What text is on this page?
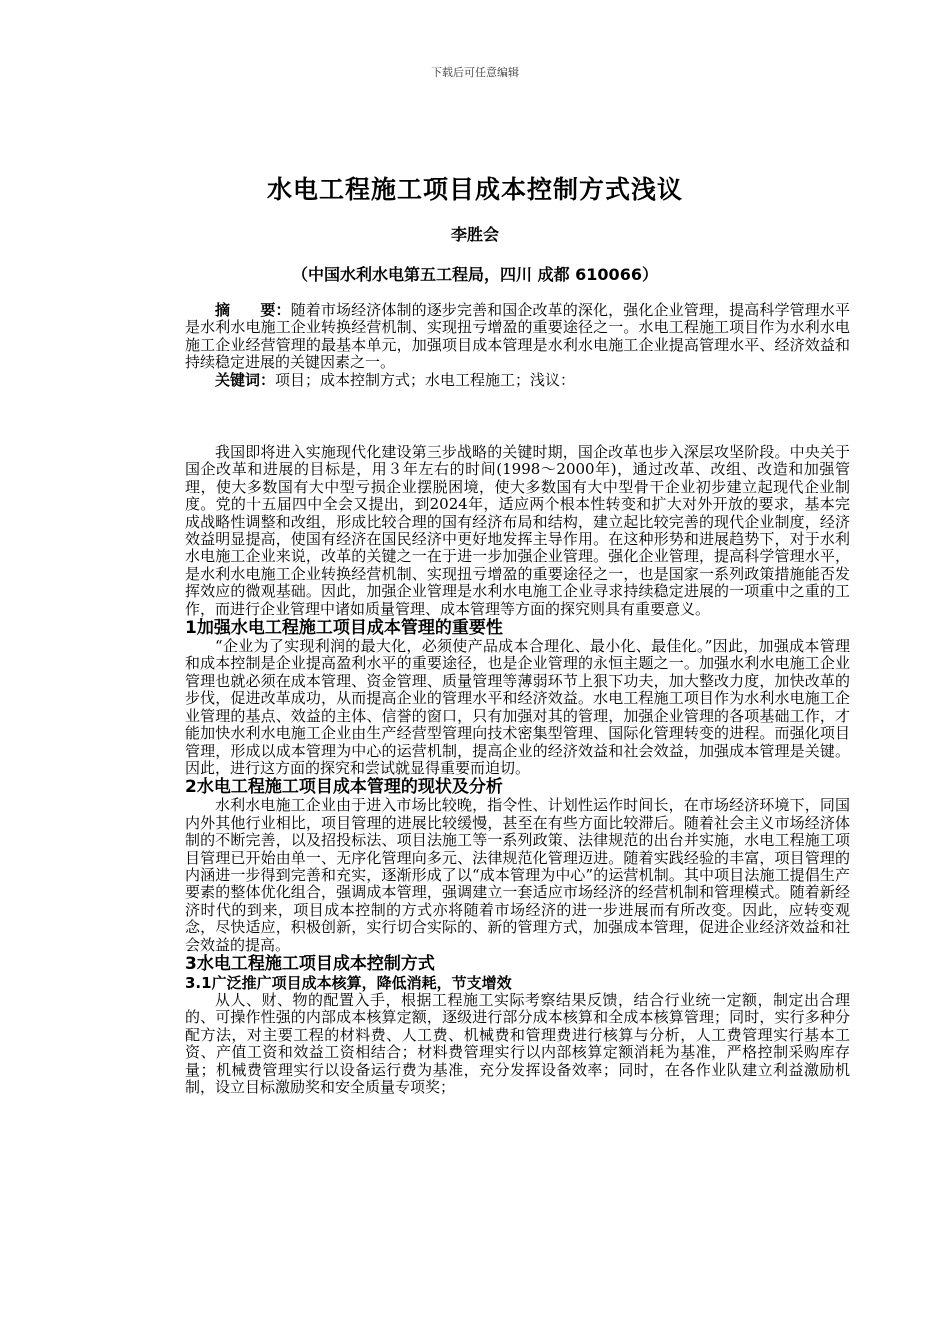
下载后可任意编辑
水电工程施工项目成本控制方式浅议
李胜会
（中国水利水电第五工程局，四川 成都 610066）

摘　　要：随着市场经济体制的逐步完善和国企改革的深化，强化企业管理，提高科学管理水平是水利水电施工企业转换经营机制、实现扭亏增盈的重要途径之一。水电工程施工项目作为水利水电施工企业经营管理的最基本单元，加强项目成本管理是水利水电施工企业提高管理水平、经济效益和持续稳定进展的关键因素之一。

关键词：项目；成本控制方式；水电工程施工；浅议：

我国即将进入实施现代化建设第三步战略的关键时期，国企改革也步入深层攻坚阶段。中央关于国企改革和进展的目标是，用３年左右的时间(1998～2000年)，通过改革、改组、改造和加强管理，使大多数国有大中型亏损企业摆脱困境，使大多数国有大中型骨干企业初步建立起现代企业制度。党的十五届四中全会又提出，到2024年，适应两个根本性转变和扩大对外开放的要求，基本完成战略性调整和改组，形成比较合理的国有经济布局和结构，建立起比较完善的现代企业制度，经济效益明显提高，使国有经济在国民经济中更好地发挥主导作用。在这种形势和进展趋势下，对于水利水电施工企业来说，改革的关键之一在于进一步加强企业管理。强化企业管理，提高科学管理水平，是水利水电施工企业转换经营机制、实现扭亏增盈的重要途径之一，也是国家一系列政策措施能否发挥效应的微观基础。因此，加强企业管理是水利水电施工企业寻求持续稳定进展的一项重中之重的工作，而进行企业管理中诸如质量管理、成本管理等方面的探究则具有重要意义。

1加强水电工程施工项目成本管理的重要性

“企业为了实现利润的最大化，必须使产品成本合理化、最小化、最佳化。”因此，加强成本管理和成本控制是企业提高盈利水平的重要途径，也是企业管理的永恒主题之一。加强水利水电施工企业管理也就必须在成本管理、资金管理、质量管理等薄弱环节上狠下功夫，加大整改力度，加快改革的步伐，促进改革成功，从而提高企业的管理水平和经济效益。水电工程施工项目作为水利水电施工企业管理的基点、效益的主体、信誉的窗口，只有加强对其的管理，加强企业管理的各项基础工作，才能加快水利水电施工企业由生产经营型管理向技术密集型管理、国际化管理转变的进程。而强化项目管理，形成以成本管理为中心的运营机制，提高企业的经济效益和社会效益，加强成本管理是关键。因此，进行这方面的探究和尝试就显得重要而迫切。

2水电工程施工项目成本管理的现状及分析

水利水电施工企业由于进入市场比较晚，指令性、计划性运作时间长，在市场经济环境下，同国内外其他行业相比，项目管理的进展比较缓慢，甚至在有些方面比较滞后。随着社会主义市场经济体制的不断完善，以及招投标法、项目法施工等一系列政策、法律规范的出台并实施，水电工程施工项目管理已开始由单一、无序化管理向多元、法律规范化管理迈进。随着实践经验的丰富，项目管理的内涵进一步得到完善和充实，逐渐形成了以“成本管理为中心”的运营机制。其中项目法施工提倡生产要素的整体优化组合，强调成本管理，强调建立一套适应市场经济的经营机制和管理模式。随着新经济时代的到来，项目成本控制的方式亦将随着市场经济的进一步进展而有所改变。因此，应转变观念，尽快适应，积极创新，实行切合实际的、新的管理方式，加强成本管理，促进企业经济效益和社会效益的提高。

3水电工程施工项目成本控制方式
3.1广泛推广项目成本核算，降低消耗，节支增效

从人、财、物的配置入手，根据工程施工实际考察结果反馈，结合行业统一定额，制定出合理的、可操作性强的内部成本核算定额，逐级进行部分成本核算和全成本核算管理；同时，实行多种分配方法，对主要工程的材料费、人工费、机械费和管理费进行核算与分析，人工费管理实行基本工资、产值工资和效益工资相结合；材料费管理实行以内部核算定额消耗为基准，严格控制采购库存量；机械费管理实行以设备运行费为基准，充分发挥设备效率；同时，在各作业队建立利益激励机制，设立目标激励奖和安全质量专项奖；
